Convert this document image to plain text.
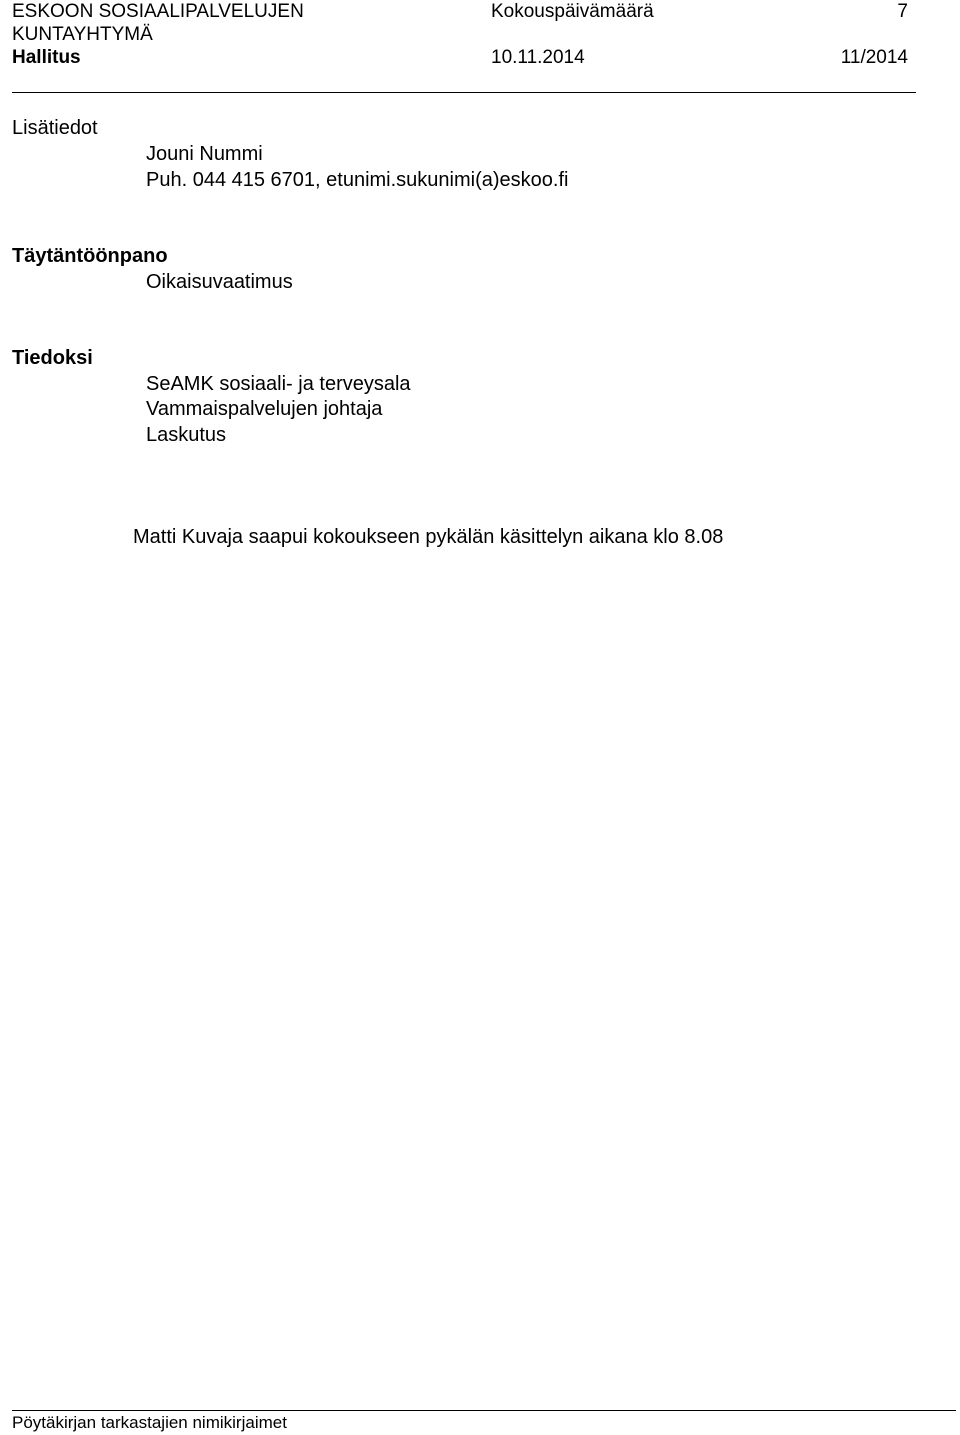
ESKOON SOSIAALIPALVELUJEN
KUNTAYHTYMÄ
Hallitus
Kokouspäivämäärä
10.11.2014
7
11/2014
Lisätiedot
Jouni Nummi
Puh. 044 415 6701, etunimi.sukunimi(a)eskoo.fi
Täytäntöönpano
Oikaisuvaatimus
Tiedoksi
SeAMK sosiaali- ja terveysala
Vammaispalvelujen johtaja
Laskutus
Matti Kuvaja saapui kokoukseen pykälän käsittelyn aikana klo 8.08
Pöytäkirjan tarkastajien nimikirjaimet
